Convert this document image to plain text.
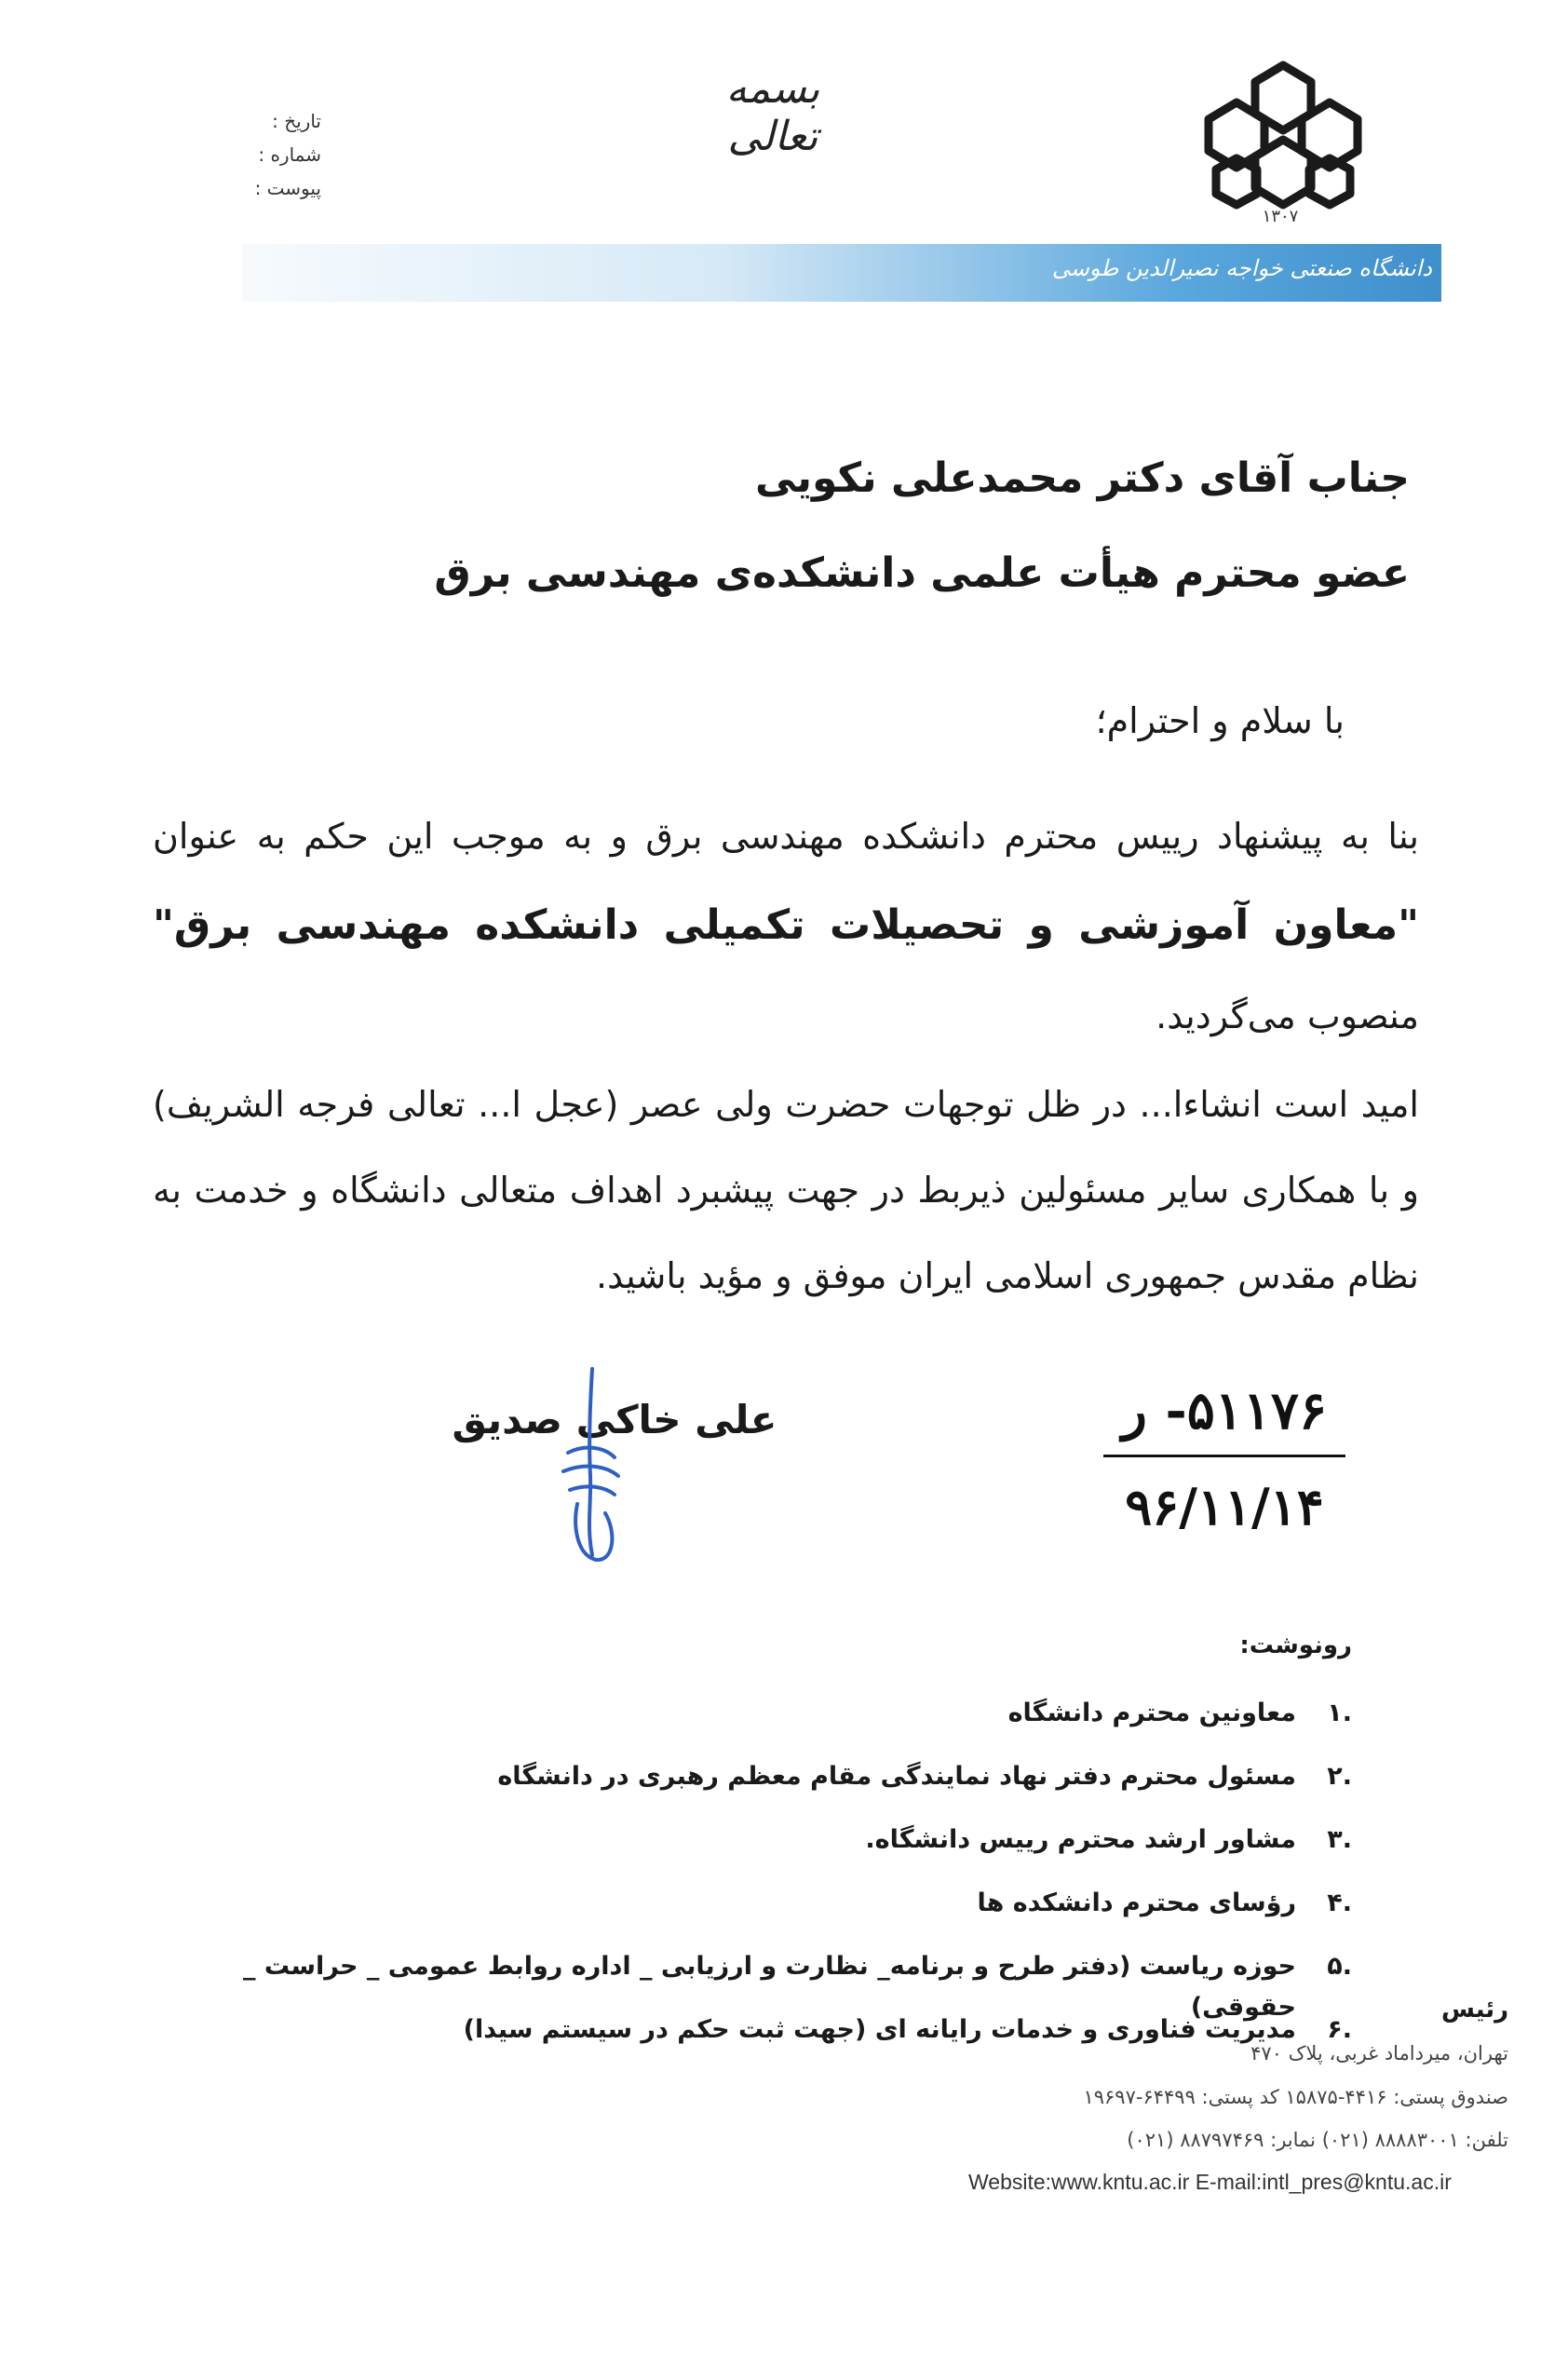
تاریخ :
شماره :
پیوست :
بسمه تعالی
۱۳۰۷
دانشگاه صنعتی خواجه نصیرالدین طوسی
جناب آقای دکتر محمدعلی نکویی
عضو محترم هیأت علمی دانشکده‌ی مهندسی برق
با سلام و احترام؛
بنا به پیشنهاد رییس محترم دانشکده مهندسی برق و به موجب این حکم به عنوان "معاون آموزشی و تحصیلات تکمیلی دانشکده مهندسی برق" منصوب می‌گردید.
امید است انشاءا... در ظل توجهات حضرت ولی عصر (عجل ا... تعالی فرجه الشریف) و با همکاری سایر مسئولین ذیربط در جهت پیشبرد اهداف متعالی دانشگاه و خدمت به نظام مقدس جمهوری اسلامی ایران موفق و مؤید باشید.
علی خاکی صدیق	۵۱۱۷۶- ر
۹۶/۱۱/۱۴
رونوشت:
.۱
معاونین محترم دانشگاه
.۲
مسئول محترم دفتر نهاد نمایندگی مقام معظم رهبری در دانشگاه
.۳
مشاور ارشد محترم رییس دانشگاه.
.۴
رؤسای محترم دانشکده ها
.۵
حوزه ریاست (دفتر طرح و برنامه_ نظارت و ارزیابی _ اداره روابط عمومی _ حراست _ حقوقی)
.۶
مدیریت فناوری و خدمات رایانه ای (جهت ثبت حکم در سیستم سیدا)
رئیس
تهران، میرداماد غربی، پلاک ۴۷۰
صندوق پستی: ۴۴۱۶-۱۵۸۷۵ کد پستی: ۶۴۴۹۹-۱۹۶۹۷
تلفن: ۸۸۸۸۳۰۰۱ (۰۲۱) نمابر: ۸۸۷۹۷۴۶۹ (۰۲۱)
Website:www.kntu.ac.ir E-mail:intl_pres@kntu.ac.ir
